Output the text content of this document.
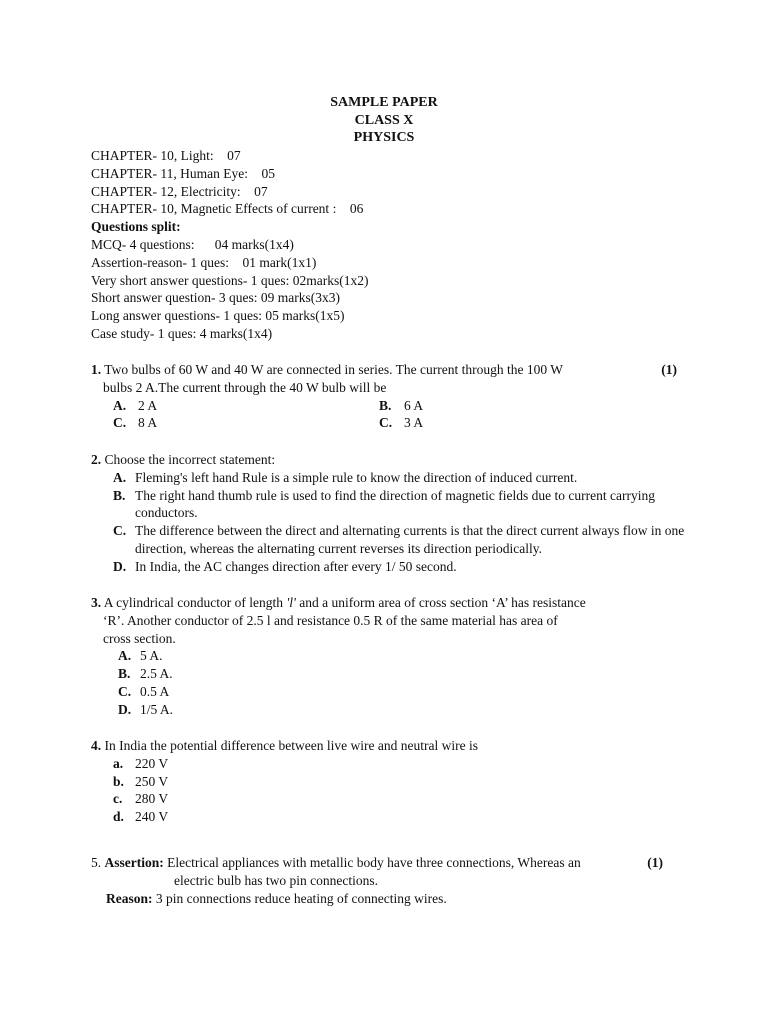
SAMPLE PAPER
CLASS X
PHYSICS
CHAPTER- 10, Light:    07
CHAPTER- 11, Human Eye:    05
CHAPTER- 12, Electricity:    07
CHAPTER- 10, Magnetic Effects of current :    06
Questions split:
MCQ- 4 questions:      04 marks(1x4)
Assertion-reason- 1 ques:    01 mark(1x1)
Very short answer questions- 1 ques: 02marks(1x2)
Short answer question- 3 ques: 09 marks(3x3)
Long answer questions- 1 ques: 05 marks(1x5)
Case study- 1 ques: 4 marks(1x4)
1. Two bulbs of 60 W and 40 W are connected in series. The current through the 100 W	(1)
bulbs 2 A.The current through the 40 W bulb will be
A. 2 A	B. 6 A
C. 8 A	C. 3 A
2. Choose the incorrect statement:
A. Fleming's left hand Rule is a simple rule to know the direction of induced current.
B. The right hand thumb rule is used to find the direction of magnetic fields due to current carrying conductors.
C. The difference between the direct and alternating currents is that the direct current always flow in one direction, whereas the alternating current reverses its direction periodically.
D. In India, the AC changes direction after every 1/ 50 second.
3. A cylindrical conductor of length 'l' and a uniform area of cross section ‘A’ has resistance
‘R’. Another conductor of 2.5 l and resistance 0.5 R of the same material has area of
cross section.
A. 5 A.
B. 2.5 A.
C. 0.5 A
D. 1/5 A.
4. In India the potential difference between live wire and neutral wire is
a. 220 V
b. 250 V
c. 280 V
d. 240 V
5. Assertion: Electrical appliances with metallic body have three connections, Whereas an	(1)
electric bulb has two pin connections.
Reason: 3 pin connections reduce heating of connecting wires.
